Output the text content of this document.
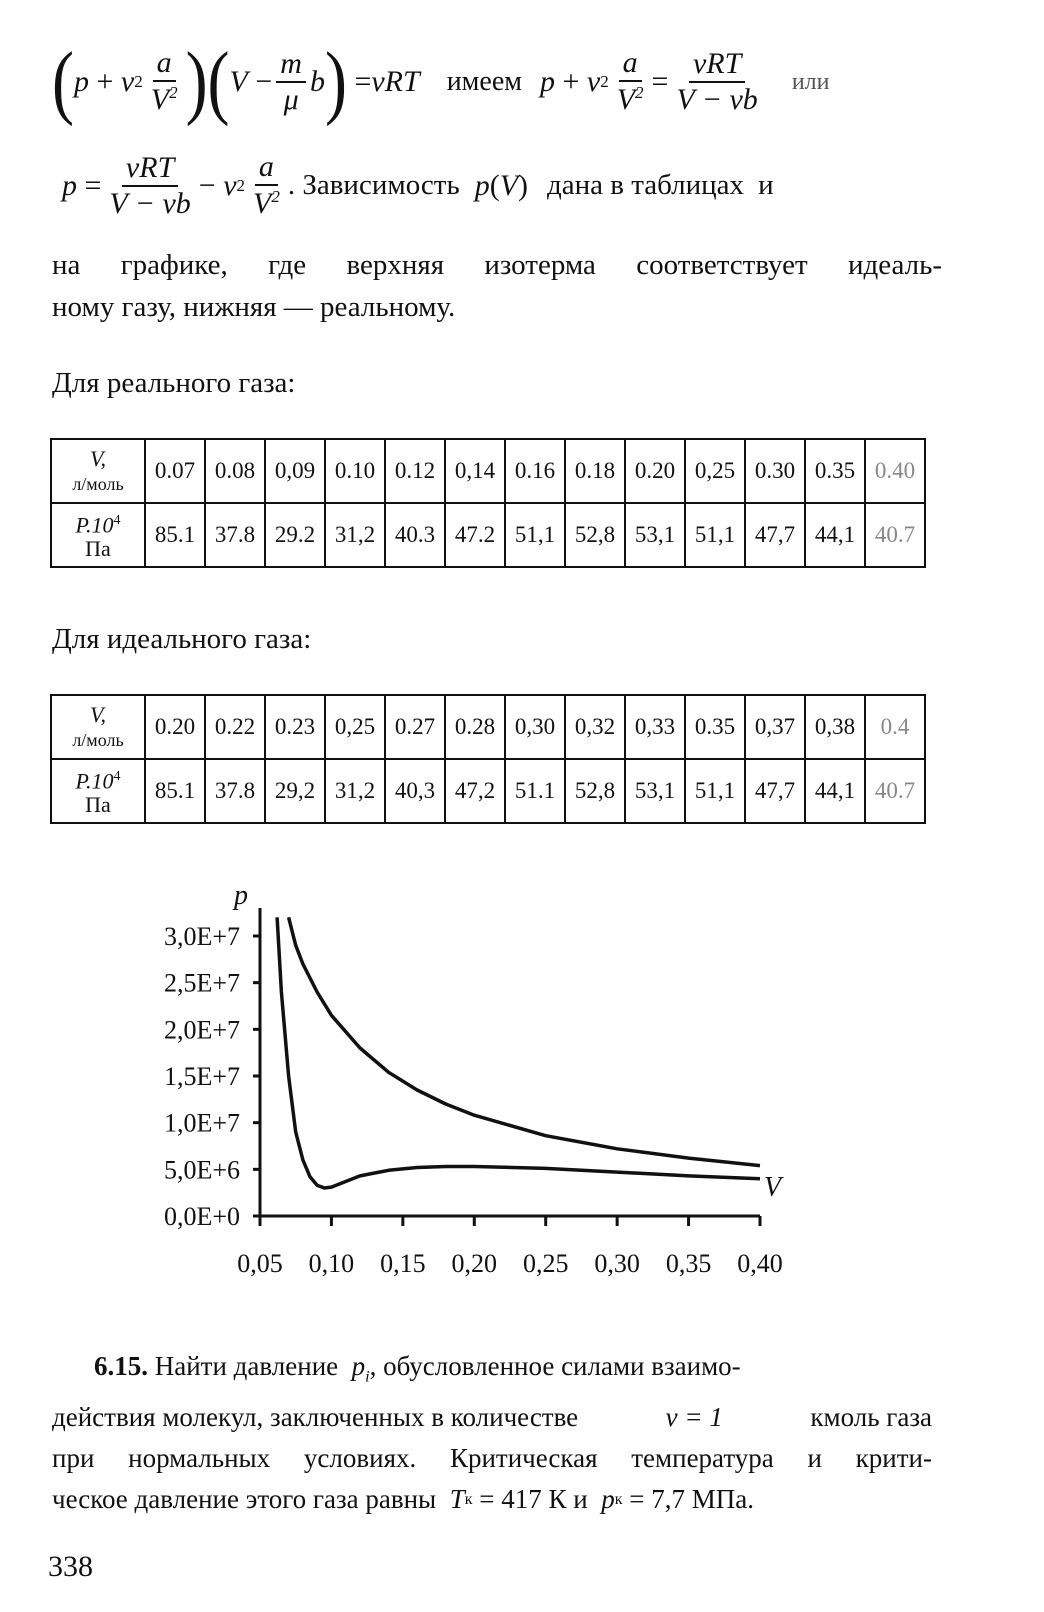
( p + ν $2 \frac{a}{V^2}$ ) ( $V - \frac{m}{\mu}$ b ) = νRT
имеем p + ν $2 \frac{a}{V^2} = \frac{\text{νRT}}{V - \nu b}$ или
$p = \frac{\text{νRT}}{V - \nu b} - \nu$ $2 \frac{a}{V^2}$ . Зависимость
p ( V ) дана в таблицах и
на графике, где верхняя изотерма соответствует идеаль-
ному газу, нижняя — реальному.
Для реального газа:
V,
л/моль	0.07	0.08	0,09	0.10	0.12	0,14	0.16	0.18	0.20	0,25	0.30	0.35	0.40
$P.10^4$
Па	85.1	37.8	29.2	31,2	40.3	47.2	51,1	52,8	53,1	51,1	47,7	44,1	40.7
Для идеального газа:
V,
л/моль	0.20	0.22	0.23	0,25	0.27	0.28	0,30	0,32	0,33	0.35	0,37	0,38	0.4
$P.10^4$
Па	85.1	37.8	29,2	31,2	40,3	47,2	51.1	52,8	53,1	51,1	47,7	44,1	40.7
0,0E+0
5,0E+6
1,0E+7
1,5E+7
2,0E+7
2,5E+7
3,0E+7
0,05 0,10 0,15 0,20 0,25 0,30 0,35 0,40
p
V
6.15. Найти давление $p_i$, обусловленное силами взаимо-
действия молекул, заключенных в количестве	ν = 1	кмоль газа
при нормальных условиях. Критическая температура и крити-
ческое давление этого газа равны
T к
= 417 К и
p к
= 7,7 МПа.
338
